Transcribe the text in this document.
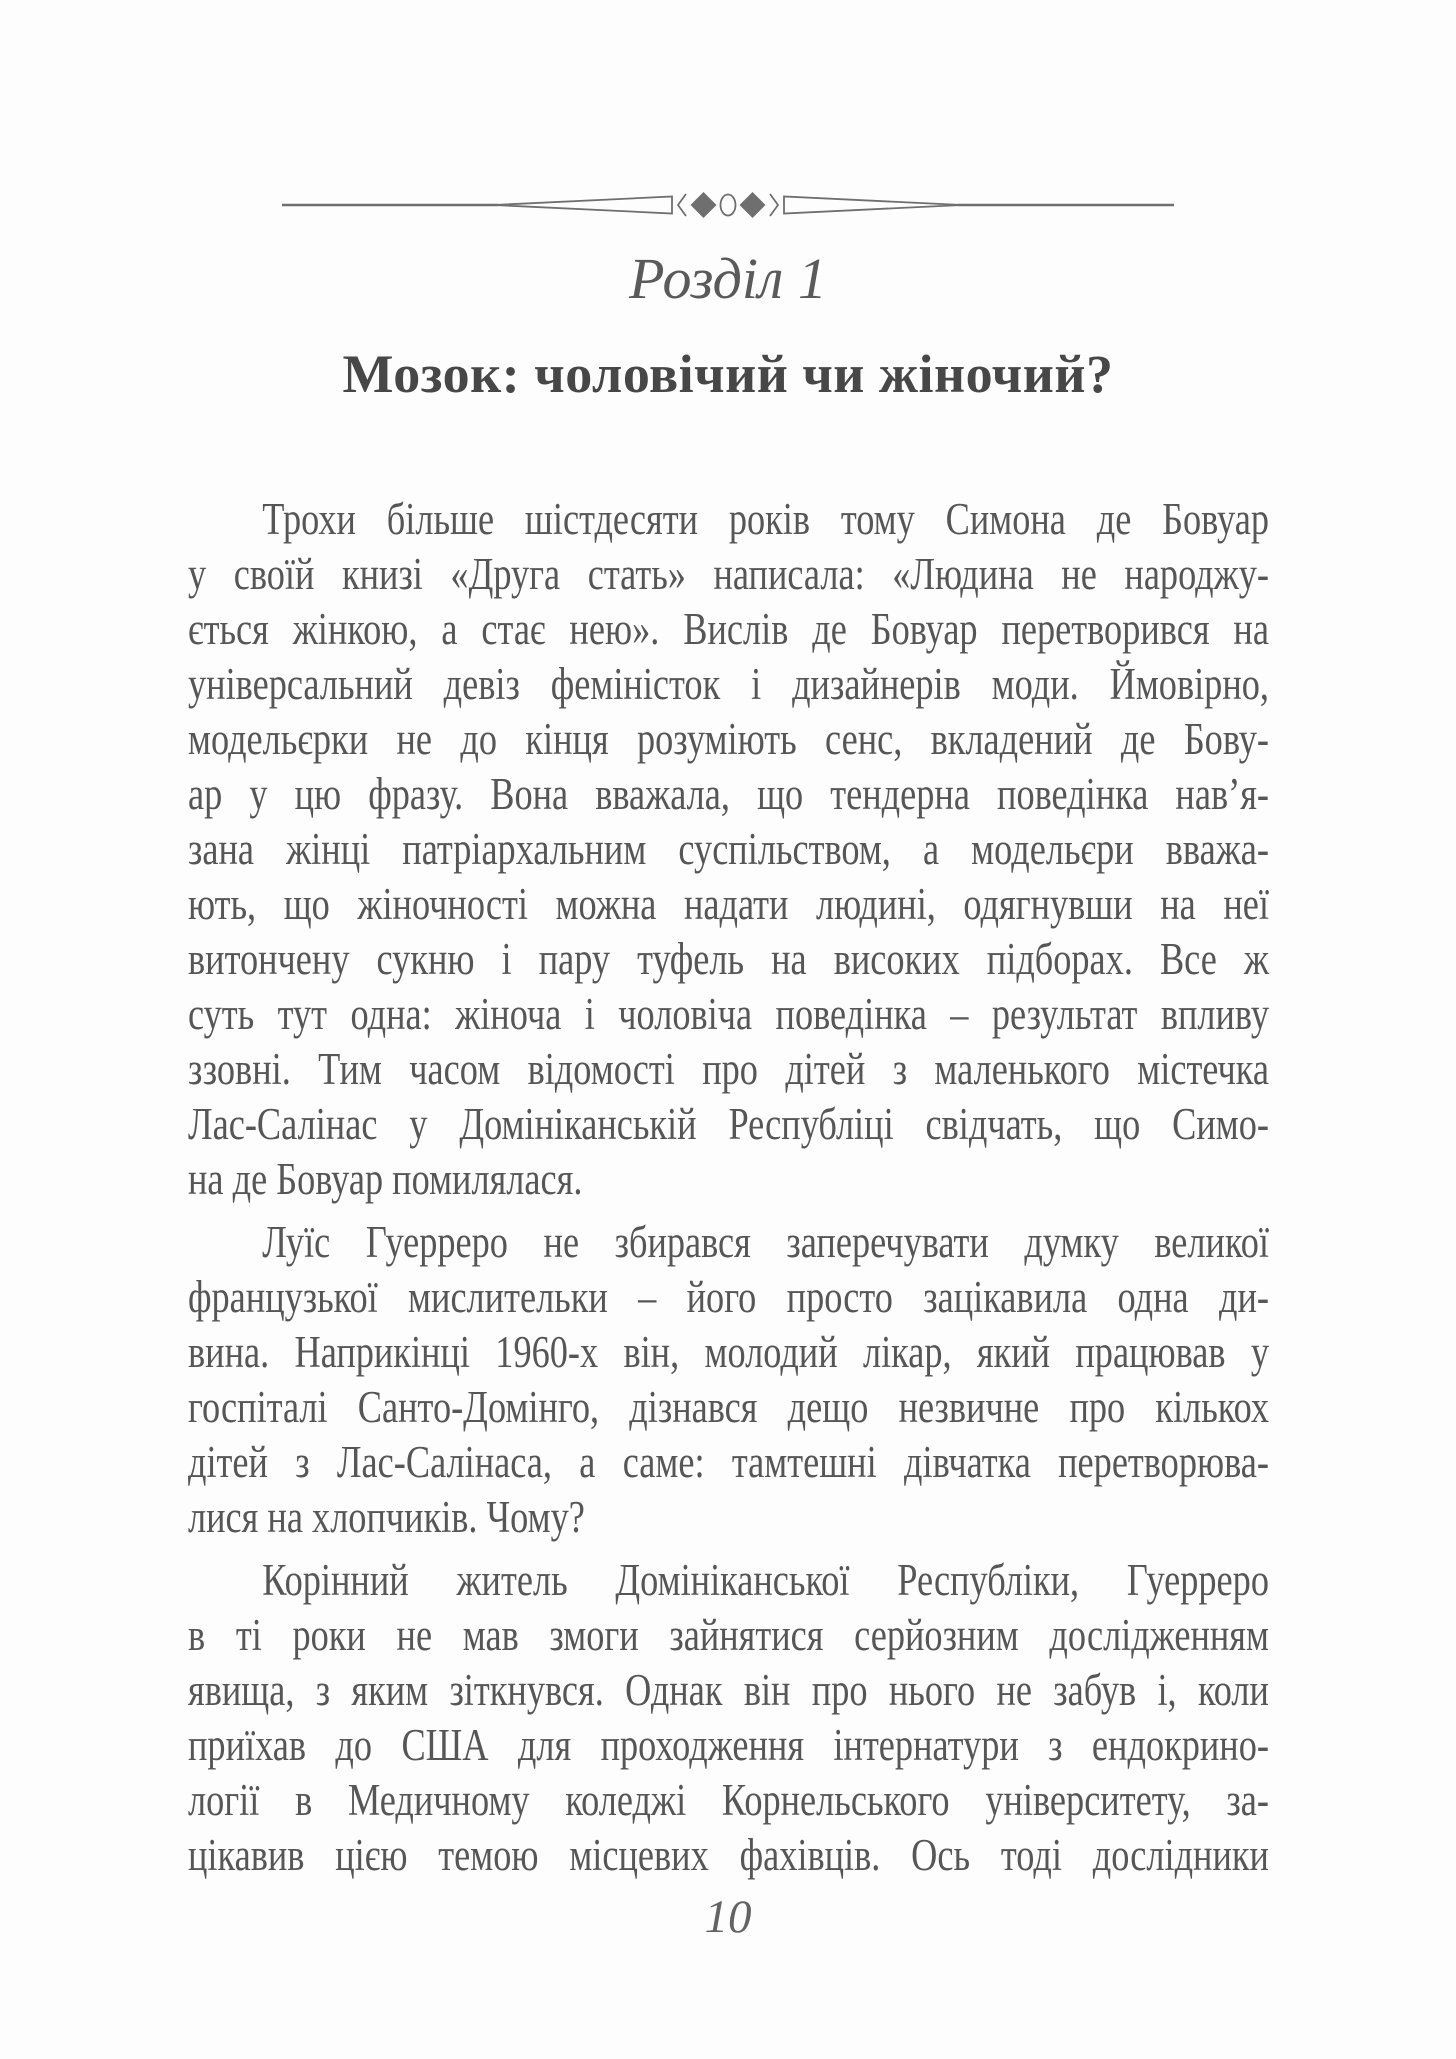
Розділ 1
Мозок: чоловічий чи жіночий?
Трохи більше шістдесяти років тому Симона де Бовуар
у своїй книзі «Друга стать» написала: «Людина не народжу-
ється жінкою, а стає нею». Вислів де Бовуар перетворився на
універсальний девіз феміністок і дизайнерів моди. Ймовірно,
модельєрки не до кінця розуміють сенс, вкладений де Бову-
ар у цю фразу. Вона вважала, що тендерна поведінка нав’я-
зана жінці патріархальним суспільством, а модельєри вважа-
ють, що жіночності можна надати людині, одягнувши на неї
витончену сукню і пару туфель на високих підборах. Все ж
суть тут одна: жіноча і чоловіча поведінка – результат впливу
ззовні. Тим часом відомості про дітей з маленького містечка
Лас-Салінас у Домініканській Республіці свідчать, що Симо-
на де Бовуар помилялася.
Луїс Гуерреро не збирався заперечувати думку великої
французької мислительки – його просто зацікавила одна ди-
вина. Наприкінці 1960-х він, молодий лікар, який працював у
госпіталі Санто-Домінго, дізнався дещо незвичне про кількох
дітей з Лас-Салінаса, а саме: тамтешні дівчатка перетворюва-
лися на хлопчиків. Чому?
Корінний житель Домініканської Республіки, Гуерреро
в ті роки не мав змоги зайнятися серйозним дослідженням
явища, з яким зіткнувся. Однак він про нього не забув і, коли
приїхав до США для проходження інтернатури з ендокрино-
логії в Медичному коледжі Корнельського університету, за-
цікавив цією темою місцевих фахівців. Ось тоді дослідники
10
